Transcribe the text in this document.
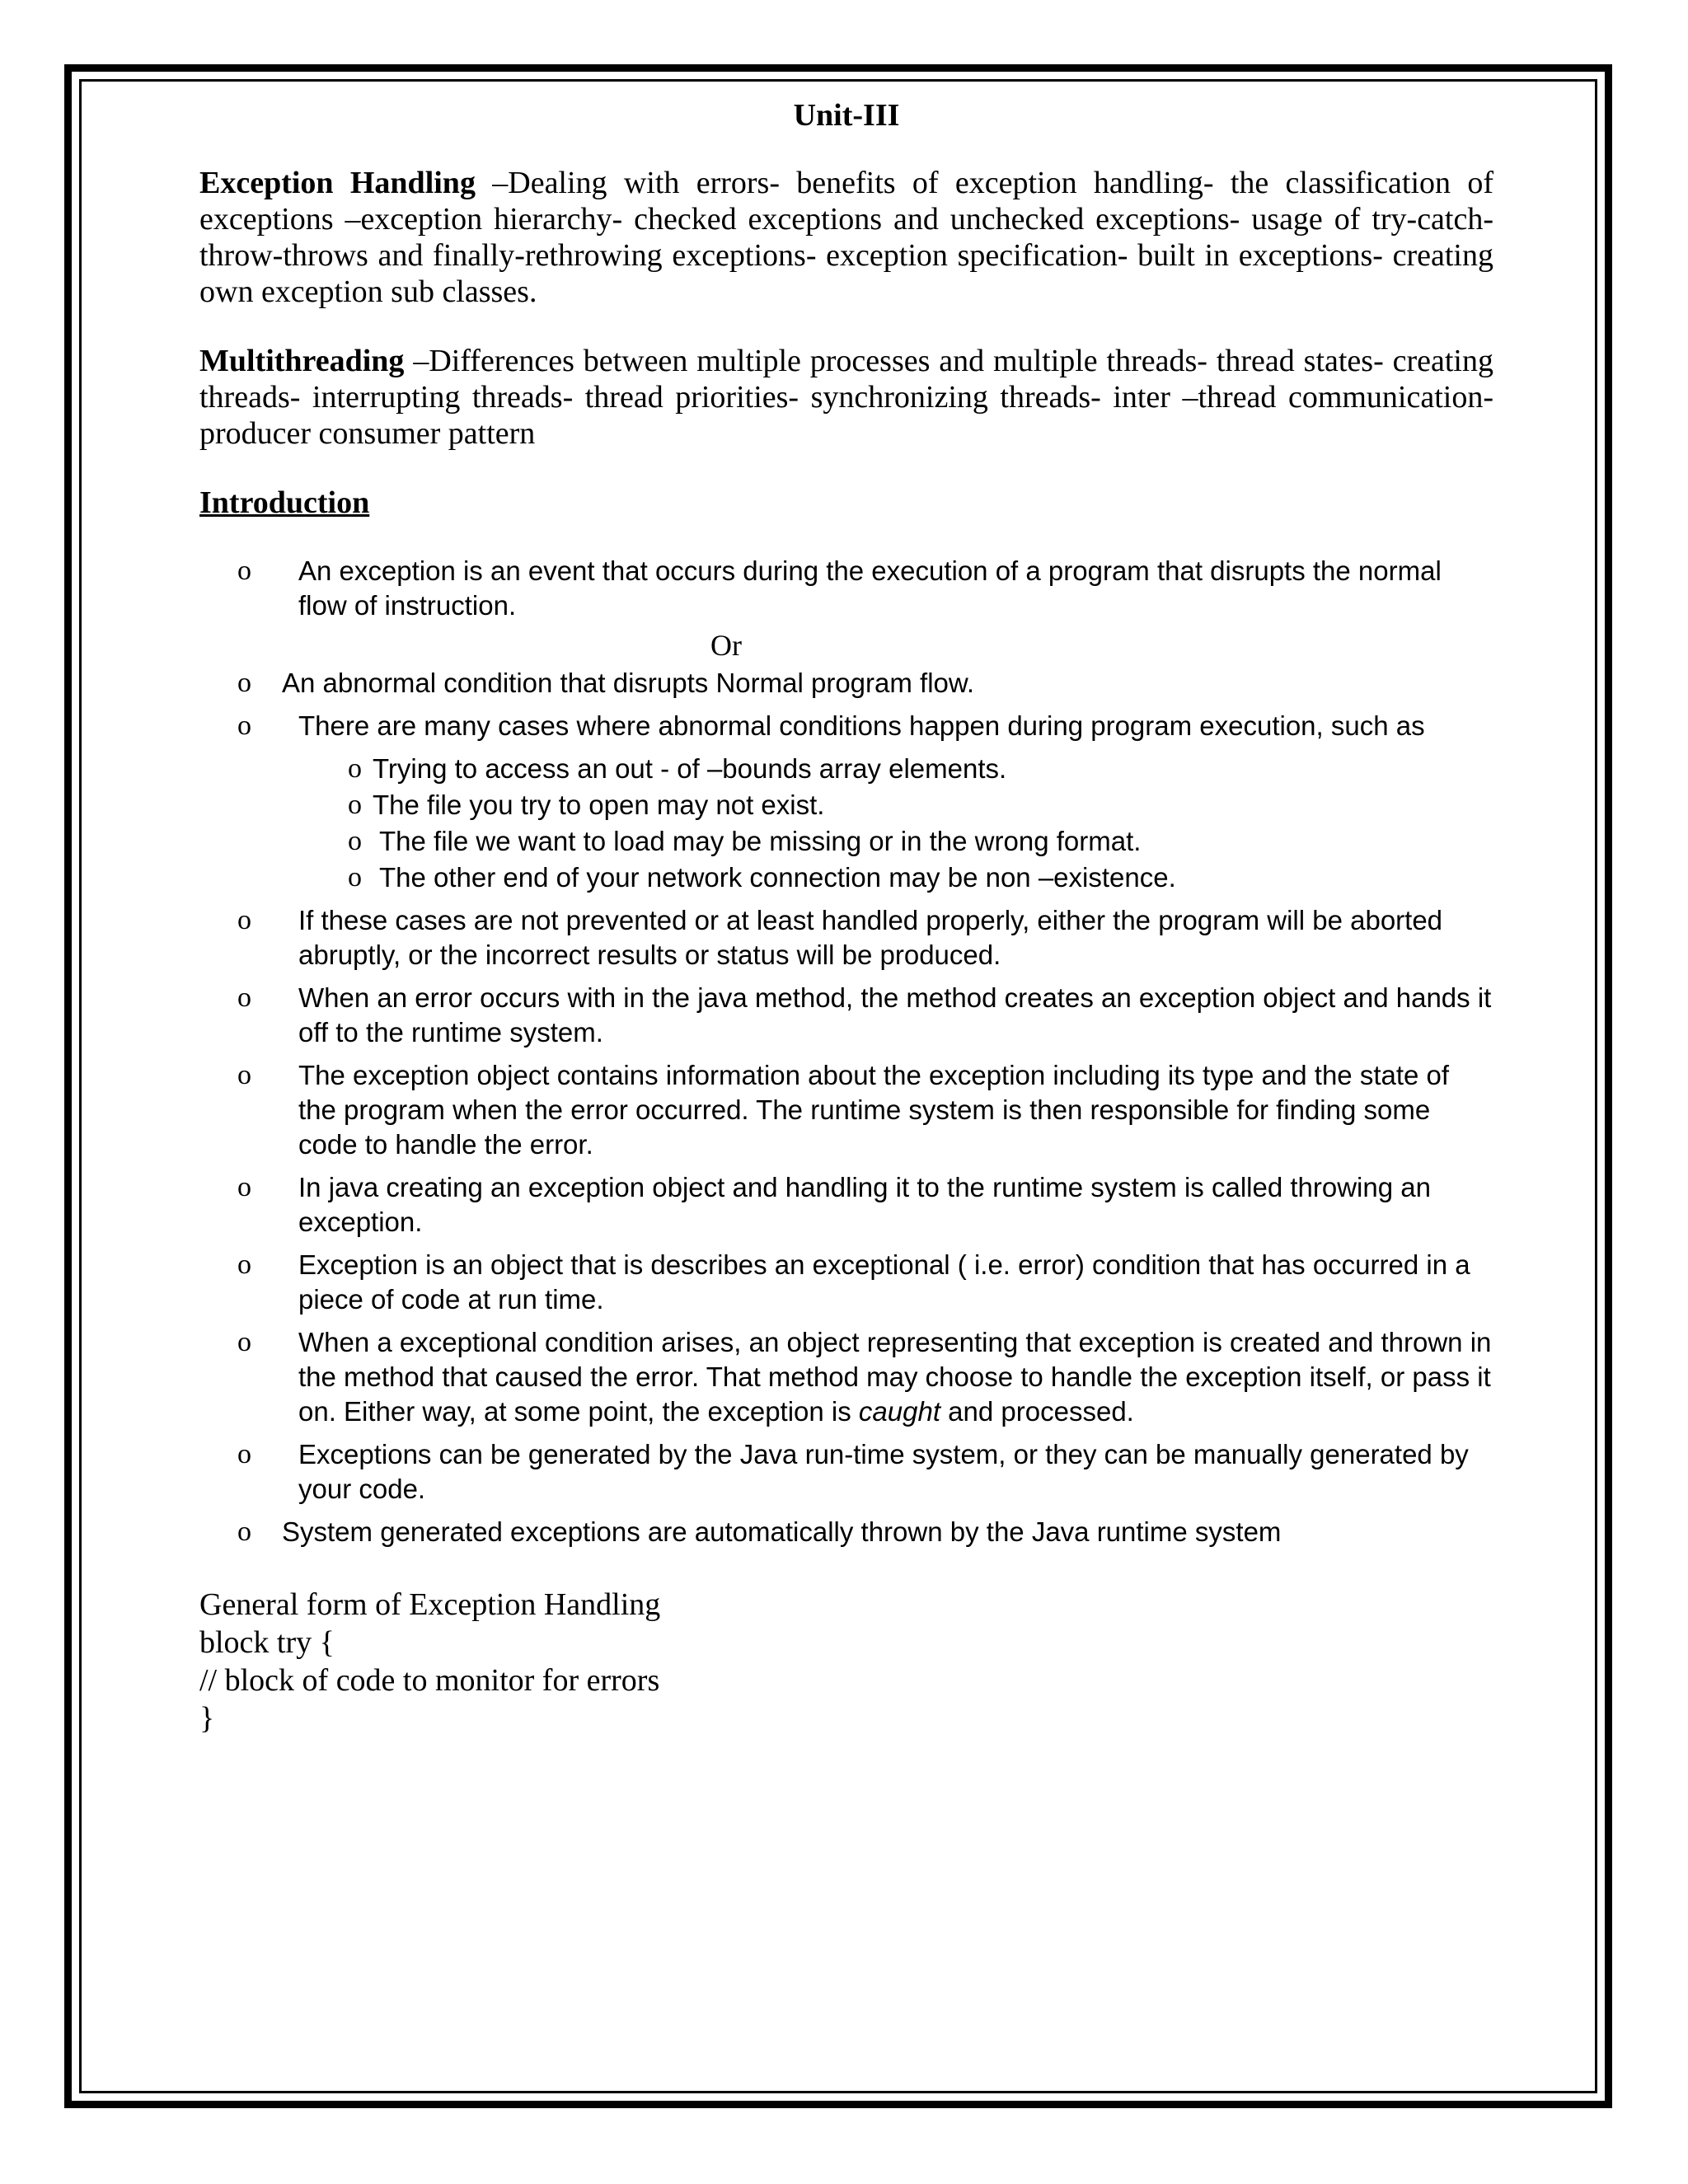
Unit-III

Exception Handling –Dealing with errors- benefits of exception handling- the classification of exceptions –exception hierarchy- checked exceptions and unchecked exceptions- usage of try-catch-throw-throws and finally-rethrowing exceptions- exception specification- built in exceptions- creating own exception sub classes.

Multithreading –Differences between multiple processes and multiple threads- thread states- creating threads- interrupting threads- thread priorities- synchronizing threads- inter –thread communication- producer consumer pattern

Introduction
o An exception is an event that occurs during the execution of a program that disrupts the normal flow of instruction.
Or
o An abnormal condition that disrupts Normal program flow.
o There are many cases where abnormal conditions happen during program execution, such as
o Trying to access an out - of –bounds array elements.
o The file you try to open may not exist.
o The file we want to load may be missing or in the wrong format.
o The other end of your network connection may be non –existence.
o If these cases are not prevented or at least handled properly, either the program will be aborted abruptly, or the incorrect results or status will be produced.
o When an error occurs with in the java method, the method creates an exception object and hands it off to the runtime system.
o The exception object contains information about the exception including its type and the state of the program when the error occurred. The runtime system is then responsible for finding some code to handle the error.
o In java creating an exception object and handling it to the runtime system is called throwing an exception.
o Exception is an object that is describes an exceptional ( i.e. error) condition that has occurred in a piece of code at run time.
o When a exceptional condition arises, an object representing that exception is created and thrown in the method that caused the error. That method may choose to handle the exception itself, or pass it on. Either way, at some point, the exception is caught and processed.
o Exceptions can be generated by the Java run-time system, or they can be manually generated by your code.
o System generated exceptions are automatically thrown by the Java runtime system
General form of Exception Handling
block try {
// block of code to monitor for errors
}
